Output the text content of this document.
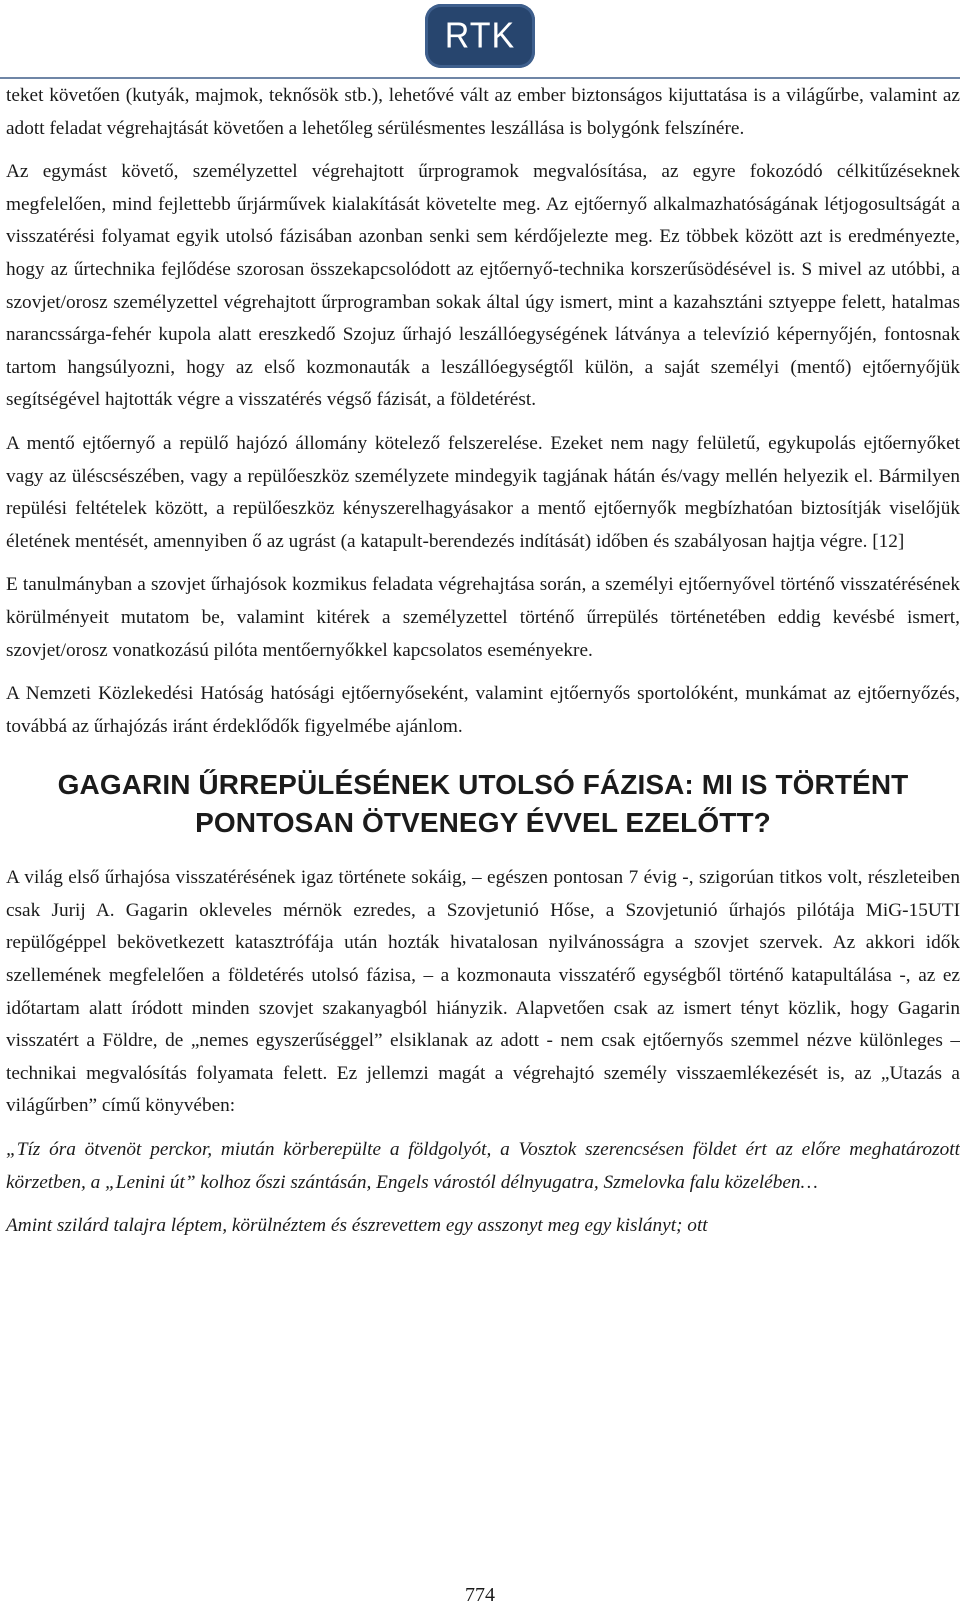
RTK

teket követően (kutyák, majmok, teknősök stb.), lehetővé vált az ember biztonságos kijuttatása is a világűrbe, valamint az adott feladat végrehajtását követően a lehetőleg sérülésmentes leszállása is bolygónk felszínére.

Az egymást követő, személyzettel végrehajtott űrprogramok megvalósítása, az egyre fokozódó célkitűzéseknek megfelelően, mind fejlettebb űrjárművek kialakítását követelte meg. Az ejtőernyő alkalmazhatóságának létjogosultságát a visszatérési folyamat egyik utolsó fázisában azonban senki sem kérdőjelezte meg. Ez többek között azt is eredményezte, hogy az űrtechnika fejlődése szorosan összekapcsolódott az ejtőernyő-technika korszerűsödésével is. S mivel az utóbbi, a szovjet/orosz személyzettel végrehajtott űrprogramban sokak által úgy ismert, mint a kazahsztáni sztyeppe felett, hatalmas narancssárga-fehér kupola alatt ereszkedő Szojuz űrhajó leszállóegységének látványa a televízió képernyőjén, fontosnak tartom hangsúlyozni, hogy az első kozmonauták a leszállóegységtől külön, a saját személyi (mentő) ejtőernyőjük segítségével hajtották végre a visszatérés végső fázisát, a földetérést.

A mentő ejtőernyő a repülő hajózó állomány kötelező felszerelése. Ezeket nem nagy felületű, egykupolás ejtőernyőket vagy az üléscsészében, vagy a repülőeszköz személyzete mindegyik tagjának hátán és/vagy mellén helyezik el. Bármilyen repülési feltételek között, a repülőeszköz kényszerelhagyásakor a mentő ejtőernyők megbízhatóan biztosítják viselőjük életének mentését, amennyiben ő az ugrást (a katapult-berendezés indítását) időben és szabályosan hajtja végre. [12]

E tanulmányban a szovjet űrhajósok kozmikus feladata végrehajtása során, a személyi ejtőernyővel történő visszatérésének körülményeit mutatom be, valamint kitérek a személyzettel történő űrrepülés történetében eddig kevésbé ismert, szovjet/orosz vonatkozású pilóta mentőernyőkkel kapcsolatos eseményekre.

A Nemzeti Közlekedési Hatóság hatósági ejtőernyőseként, valamint ejtőernyős sportolóként, munkámat az ejtőernyőzés, továbbá az űrhajózás iránt érdeklődők figyelmébe ajánlom.

GAGARIN ŰRREPÜLÉSÉNEK UTOLSÓ FÁZISA: MI IS TÖRTÉNT PONTOSAN ÖTVENEGY ÉVVEL EZELŐTT?

A világ első űrhajósa visszatérésének igaz története sokáig, – egészen pontosan 7 évig -, szigorúan titkos volt, részleteiben csak Jurij A. Gagarin okleveles mérnök ezredes, a Szovjetunió Hőse, a Szovjetunió űrhajós pilótája MiG-15UTI repülőgéppel bekövetkezett katasztrófája után hozták hivatalosan nyilvánosságra a szovjet szervek. Az akkori idők szellemének megfelelően a földetérés utolsó fázisa, – a kozmonauta visszatérő egységből történő katapultálása -, az ez időtartam alatt íródott minden szovjet szakanyagból hiányzik. Alapvetően csak az ismert tényt közlik, hogy Gagarin visszatért a Földre, de „nemes egyszerűséggel” elsiklanak az adott - nem csak ejtőernyős szemmel nézve különleges – technikai megvalósítás folyamata felett. Ez jellemzi magát a végrehajtó személy visszaemlékezését is, az „Utazás a világűrben” című könyvében:

„Tíz óra ötvenöt perckor, miután körberepülte a földgolyót, a Vosztok szerencsésen földet ért az előre meghatározott körzetben, a „Lenini út” kolhoz őszi szántásán, Engels várostól délnyugatra, Szmelovka falu közelében…

Amint szilárd talajra léptem, körülnéztem és észrevettem egy asszonyt meg egy kislányt; ott

774
